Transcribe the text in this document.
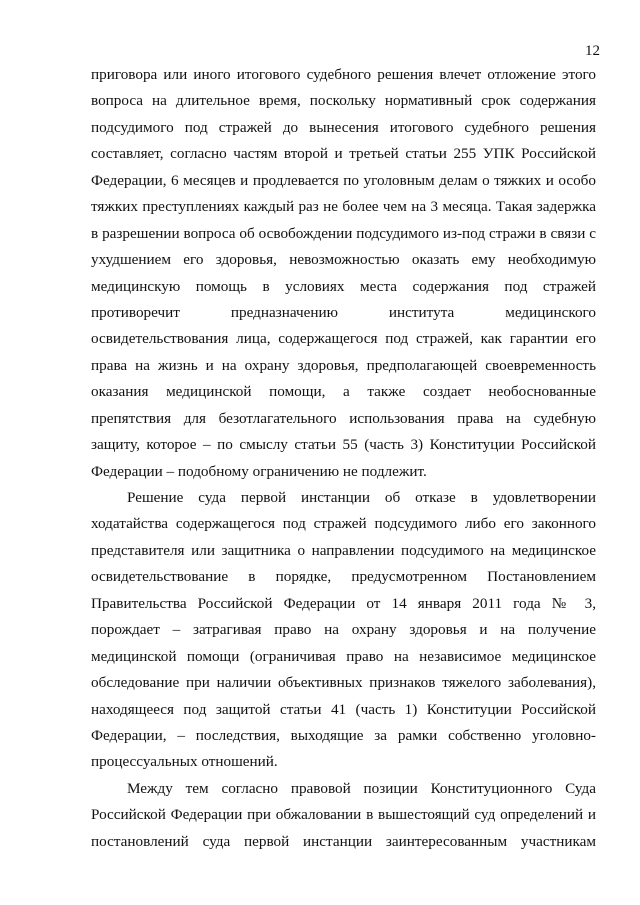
12
приговора или иного итогового судебного решения влечет отложение этого
вопроса на длительное время, поскольку нормативный срок содержания
подсудимого под стражей до вынесения итогового судебного решения
составляет, согласно частям второй и третьей статьи 255 УПК Российской
Федерации, 6 месяцев и продлевается по уголовным делам о тяжких и особо
тяжких преступлениях каждый раз не более чем на 3 месяца. Такая задержка
в разрешении вопроса об освобождении подсудимого из-под стражи в связи с
ухудшением его здоровья, невозможностью оказать ему необходимую
медицинскую помощь в условиях места содержания под стражей
противоречит предназначению института медицинского
освидетельствования лица, содержащегося под стражей, как гарантии его
права на жизнь и на охрану здоровья, предполагающей своевременность
оказания медицинской помощи, а также создает необоснованные
препятствия для безотлагательного использования права на судебную
защиту, которое – по смыслу статьи 55 (часть 3) Конституции Российской
Федерации – подобному ограничению не подлежит.
Решение суда первой инстанции об отказе в удовлетворении
ходатайства содержащегося под стражей подсудимого либо его законного
представителя или защитника о направлении подсудимого на медицинское
освидетельствование в порядке, предусмотренном Постановлением
Правительства Российской Федерации от 14 января 2011 года № 3,
порождает – затрагивая право на охрану здоровья и на получение
медицинской помощи (ограничивая право на независимое медицинское
обследование при наличии объективных признаков тяжелого заболевания),
находящееся под защитой статьи 41 (часть 1) Конституции Российской
Федерации, – последствия, выходящие за рамки собственно уголовно-
процессуальных отношений.
Между тем согласно правовой позиции Конституционного Суда
Российской Федерации при обжаловании в вышестоящий суд определений и
постановлений суда первой инстанции заинтересованным участникам
